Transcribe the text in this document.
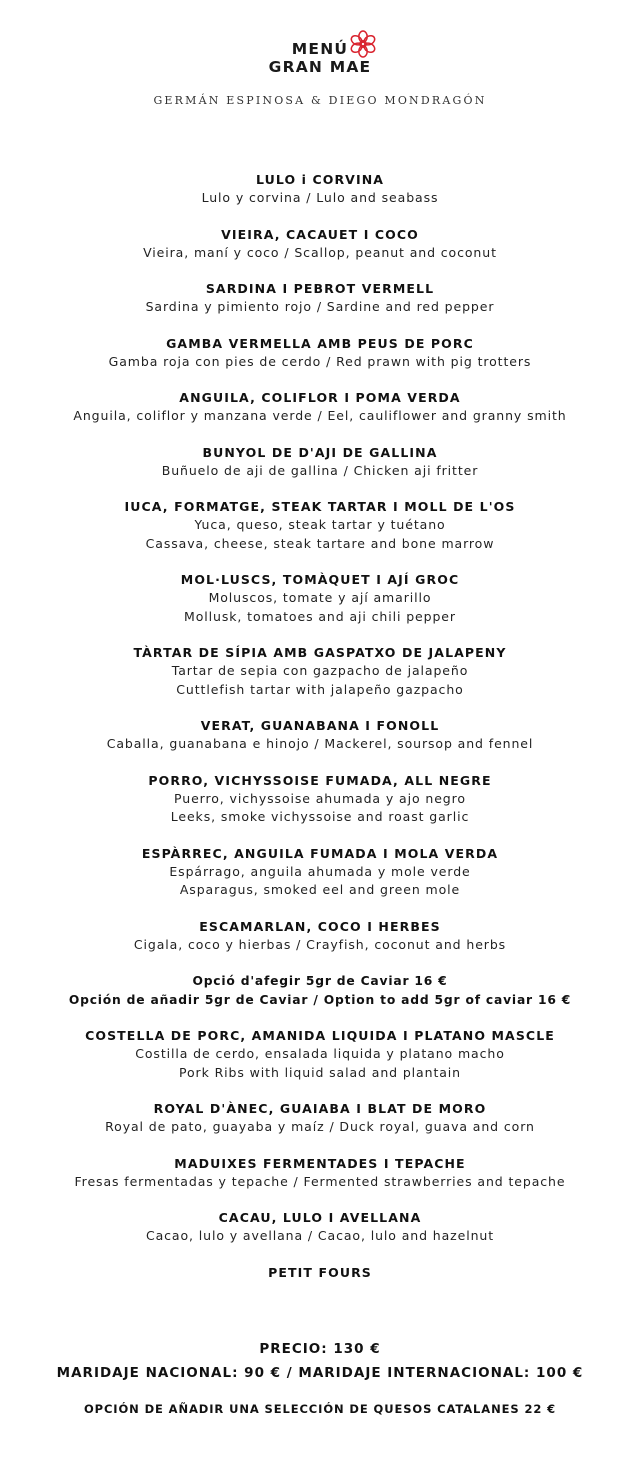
MENÚ
GRAN MAE
GERMÁN ESPINOSA & DIEGO MONDRAGÓN
LULO i CORVINA
Lulo y corvina / Lulo and seabass
VIEIRA, CACAUET I COCO
Vieira, maní y coco / Scallop, peanut and coconut
SARDINA I PEBROT VERMELL
Sardina y pimiento rojo / Sardine and red pepper
GAMBA VERMELLA AMB PEUS DE PORC
Gamba roja con pies de cerdo / Red prawn with pig trotters
ANGUILA, COLIFLOR I POMA VERDA
Anguila, coliflor y manzana verde / Eel, cauliflower and granny smith
BUNYOL DE D'AJI DE GALLINA
Buñuelo de aji de gallina / Chicken aji fritter
IUCA, FORMATGE, STEAK TARTAR I MOLL DE L'OS
Yuca, queso, steak tartar y tuétano
Cassava, cheese, steak tartare and bone marrow
MOL·LUSCS, TOMÀQUET I AJÍ GROC
Moluscos, tomate y ají amarillo
Mollusk, tomatoes and aji chili pepper
TÀRTAR DE SÍPIA AMB GASPATXO DE JALAPENY
Tartar de sepia con gazpacho de jalapeño
Cuttlefish tartar with jalapeño gazpacho
VERAT, GUANABANA I FONOLL
Caballa, guanabana e hinojo / Mackerel, soursop and fennel
PORRO, VICHYSSOISE FUMADA, ALL NEGRE
Puerro, vichyssoise ahumada y ajo negro
Leeks, smoke vichyssoise and roast garlic
ESPÀRREC, ANGUILA FUMADA I MOLA VERDA
Espárrago, anguila ahumada y mole verde
Asparagus, smoked eel and green mole
ESCAMARLAN, COCO I HERBES
Cigala, coco y hierbas / Crayfish, coconut and herbs
Opció d'afegir 5gr de Caviar 16 €
Opción de añadir 5gr de Caviar / Option to add 5gr of caviar 16 €
COSTELLA DE PORC, AMANIDA LIQUIDA I PLATANO MASCLE
Costilla de cerdo, ensalada liquida y platano macho
Pork Ribs with liquid salad and plantain
ROYAL D'ÀNEC, GUAIABA I BLAT DE MORO
Royal de pato, guayaba y maíz / Duck royal, guava and corn
MADUIXES FERMENTADES I TEPACHE
Fresas fermentadas y tepache / Fermented strawberries and tepache
CACAU, LULO I AVELLANA
Cacao, lulo y avellana / Cacao, lulo and hazelnut
PETIT FOURS
PRECIO: 130 €
MARIDAJE NACIONAL: 90 € / MARIDAJE INTERNACIONAL: 100 €
OPCIÓN DE AÑADIR UNA SELECCIÓN DE QUESOS CATALANES 22 €
